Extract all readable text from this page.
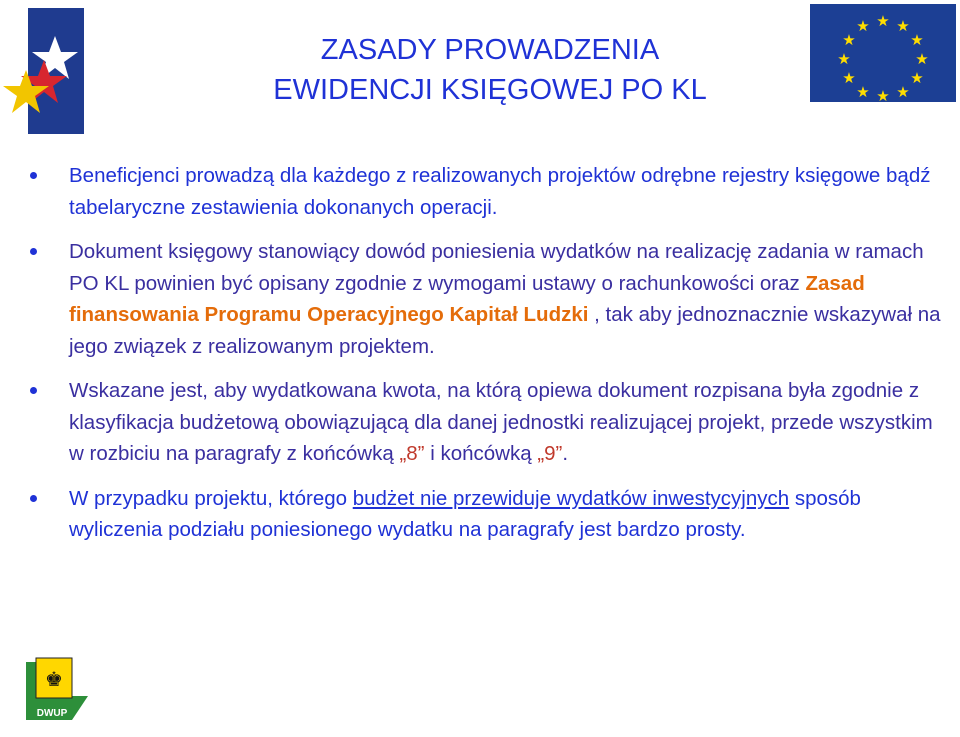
★ ★
★
★
★
★
★
★
★
★
★
★
ZASADY PROWADZENIA
EWIDENCJI KSIĘGOWEJ PO KL
Beneficjenci prowadzą dla każdego z realizowanych projektów odrębne rejestry księgowe bądź tabelaryczne zestawienia dokonanych operacji.
Dokument księgowy stanowiący dowód poniesienia wydatków na realizację zadania w ramach PO KL powinien być opisany zgodnie z wymogami ustawy o rachunkowości oraz Zasad finansowania Programu Operacyjnego Kapitał Ludzki , tak aby jednoznacznie wskazywał na jego związek z realizowanym projektem.
Wskazane jest, aby wydatkowana kwota, na którą opiewa dokument rozpisana była zgodnie z klasyfikacja budżetową obowiązującą dla danej jednostki realizującej projekt, przede wszystkim w rozbiciu na paragrafy z końcówką „8” i końcówką „9”.
W przypadku projektu, którego budżet nie przewiduje wydatków inwestycyjnych sposób wyliczenia podziału poniesionego wydatku na paragrafy jest bardzo prosty.
♚
DWUP
